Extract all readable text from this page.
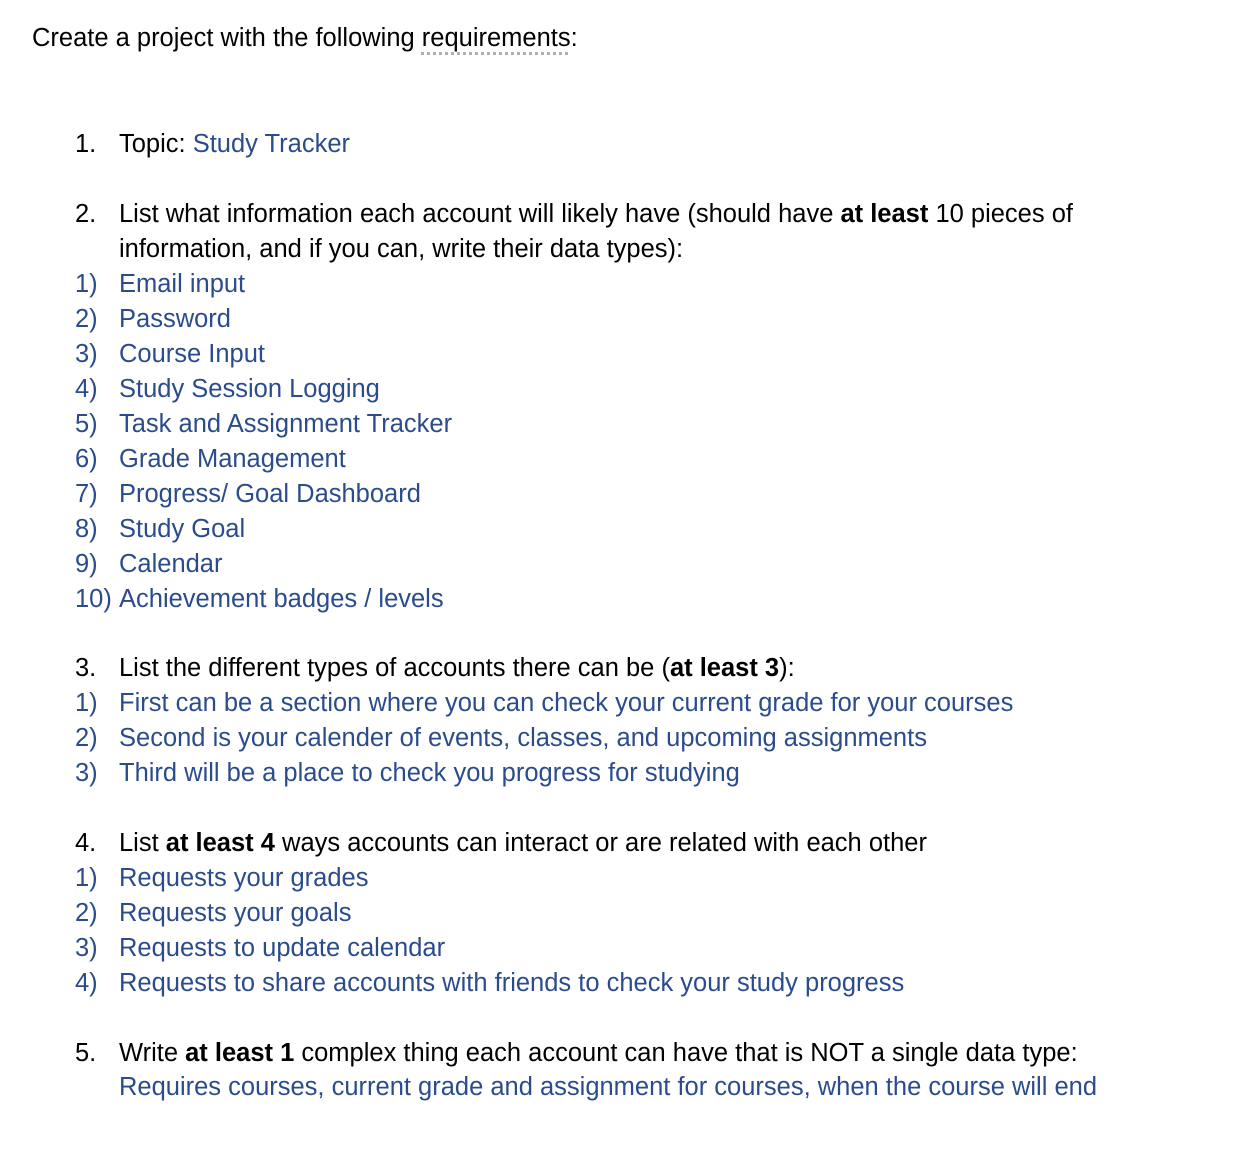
Create a project with the following requirements:
1. Topic: Study Tracker
2. List what information each account will likely have (should have at least 10 pieces of
information, and if you can, write their data types):
1) Email input
2) Password
3) Course Input
4) Study Session Logging
5) Task and Assignment Tracker
6) Grade Management
7) Progress/ Goal Dashboard
8) Study Goal
9) Calendar
10) Achievement badges / levels
3. List the different types of accounts there can be (at least 3):
1) First can be a section where you can check your current grade for your courses
2) Second is your calender of events, classes, and upcoming assignments
3) Third will be a place to check you progress for studying
4. List at least 4 ways accounts can interact or are related with each other
1) Requests your grades
2) Requests your goals
3) Requests to update calendar
4) Requests to share accounts with friends to check your study progress
5. Write at least 1 complex thing each account can have that is NOT a single data type:
Requires courses, current grade and assignment for courses, when the course will end
